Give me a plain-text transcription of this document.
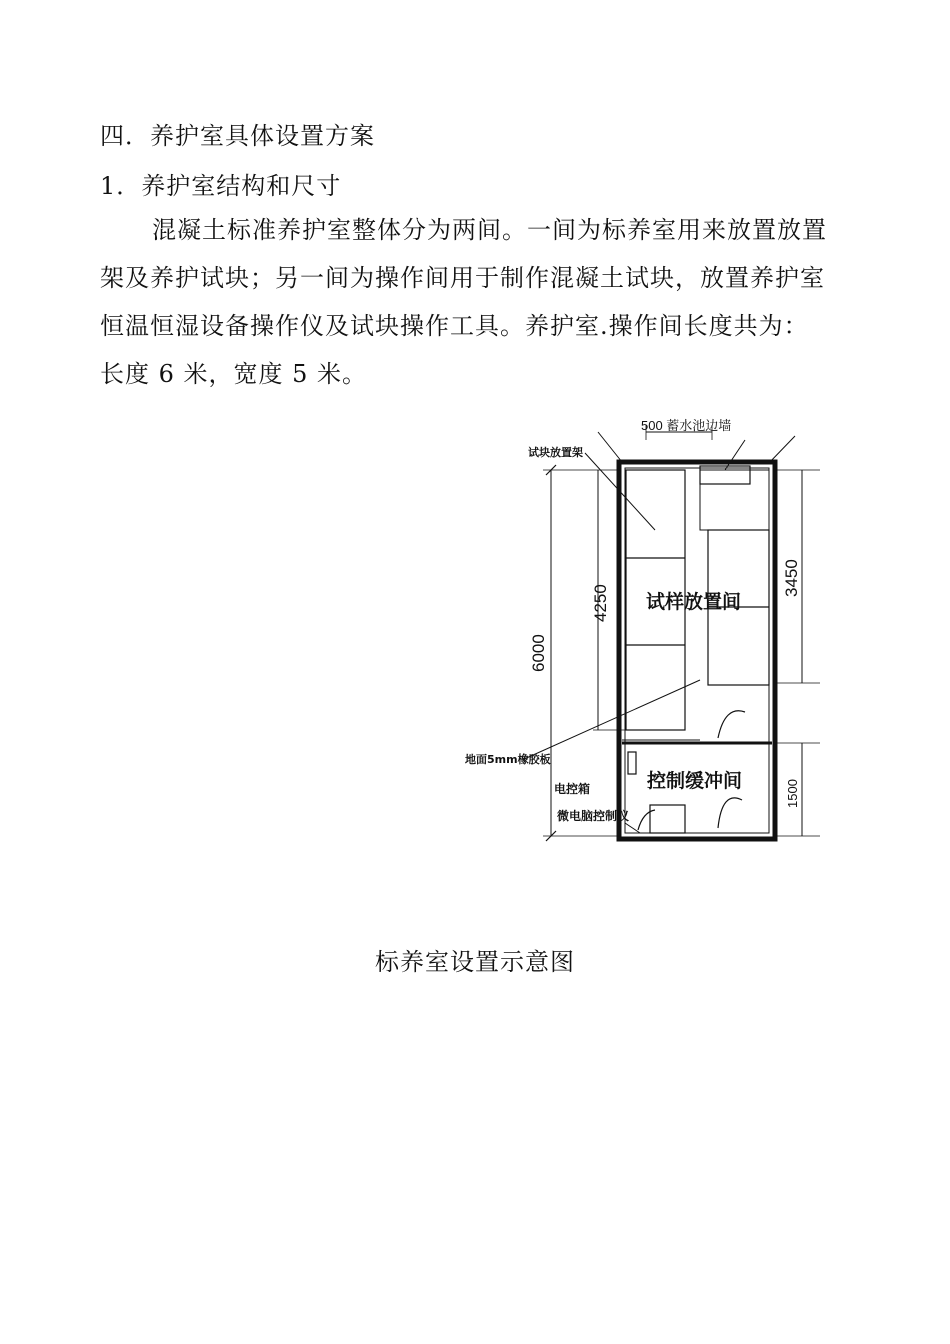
四．养护室具体设置方案
1．养护室结构和尺寸
混凝土标准养护室整体分为两间。一间为标养室用来放置放置
架及养护试块；另一间为操作间用于制作混凝土试块，放置养护室
恒温恒湿设备操作仪及试块操作工具。养护室.操作间长度共为：
长度 6 米，宽度 5 米。
500 蓄水池边墙
试块放置架
试样放置间
控制缓冲间
地面5mm橡胶板
电控箱
微电脑控制仪
6000
4250
3450
1500
标养室设置示意图
